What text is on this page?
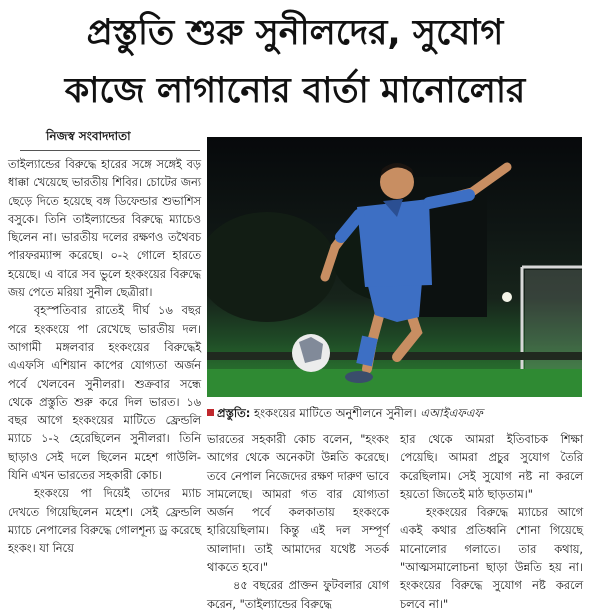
প্রস্তুতি শুরু সুনীলদের, সুযোগ
কাজে লাগানোর বার্তা মানোলোর
নিজস্ব সংবাদদাতা

তাইল্যান্ডের বিরুদ্ধে হারের সঙ্গে সঙ্গেই বড় ধাক্কা খেয়েছে ভারতীয় শিবির। চোটের জন্য ছেড়ে দিতে হয়েছে বঙ্গ ডিফেন্ডার শুভাশিস বসুকে। তিনি তাইল্যান্ডের বিরুদ্ধে ম্যাচেও ছিলেন না। ভারতীয় দলের রক্ষণও তথৈবচ পারফরম্যান্স করেছে। ০-২ গোলে হারতে হয়েছে। এ বারে সব ভুলে হংকংয়ের বিরুদ্ধে জয় পেতে মরিয়া সুনীল ছেত্রীরা।

বৃহস্পতিবার রাতেই দীর্ঘ ১৬ বছর পরে হংকংয়ে পা রেখেছে ভারতীয় দল। আগামী মঙ্গলবার হংকংয়ের বিরুদ্ধেই এএফসি এশিয়ান কাপের যোগ্যতা অর্জন পর্বে খেলবেন সুনীলরা। শুক্রবার সন্ধে থেকে প্রস্তুতি শুরু করে দিল ভারত। ১৬ বছর আগে হংকংয়ের মাটিতে ফ্রেন্ডলি ম্যাচে ১-২ হেরেছিলেন সুনীলরা। তিনি ছাড়াও সেই দলে ছিলেন মহেশ গাউলি- যিনি এখন ভারতের সহকারী কোচ।

হংকংয়ে পা দিয়েই তাদের ম্যাচ দেখতে গিয়েছিলেন মহেশ। সেই ফ্রেন্ডলি ম্যাচে নেপালের বিরুদ্ধে গোলশূন্য ড্র করেছে হংকং। যা নিয়ে

প্রস্তুতি: হংকংয়ের মাটিতে অনুশীলনে সুনীল। এআইএফএফ

ভারতের সহকারী কোচ বলেন, "হংকং আগের থেকে অনেকটা উন্নতি করেছে। তবে নেপাল নিজেদের রক্ষণ দারুণ ভাবে সামলেছে। আমরা গত বার যোগ্যতা অর্জন পর্বে কলকাতায় হংকংকে হারিয়েছিলাম। কিন্তু এই দল সম্পূর্ণ আলাদা। তাই আমাদের যথেষ্ট সতর্ক থাকতে হবে।"

৪৫ বছরের প্রাক্তন ফুটবলার যোগ করেন, "তাইল্যান্ডের বিরুদ্ধে

হার থেকে আমরা ইতিবাচক শিক্ষা পেয়েছি। আমরা প্রচুর সুযোগ তৈরি করেছিলাম। সেই সুযোগ নষ্ট না করলে হয়তো জিতেই মাঠ ছাড়তাম।"

হংকংয়ের বিরুদ্ধে ম্যাচের আগে একই কথার প্রতিধ্বনি শোনা গিয়েছে মানোলোর গলাতে। তার কথায়, "আত্মসমালোচনা ছাড়া উন্নতি হয় না। হংকংয়ের বিরুদ্ধে সুযোগ নষ্ট করলে চলবে না।"
